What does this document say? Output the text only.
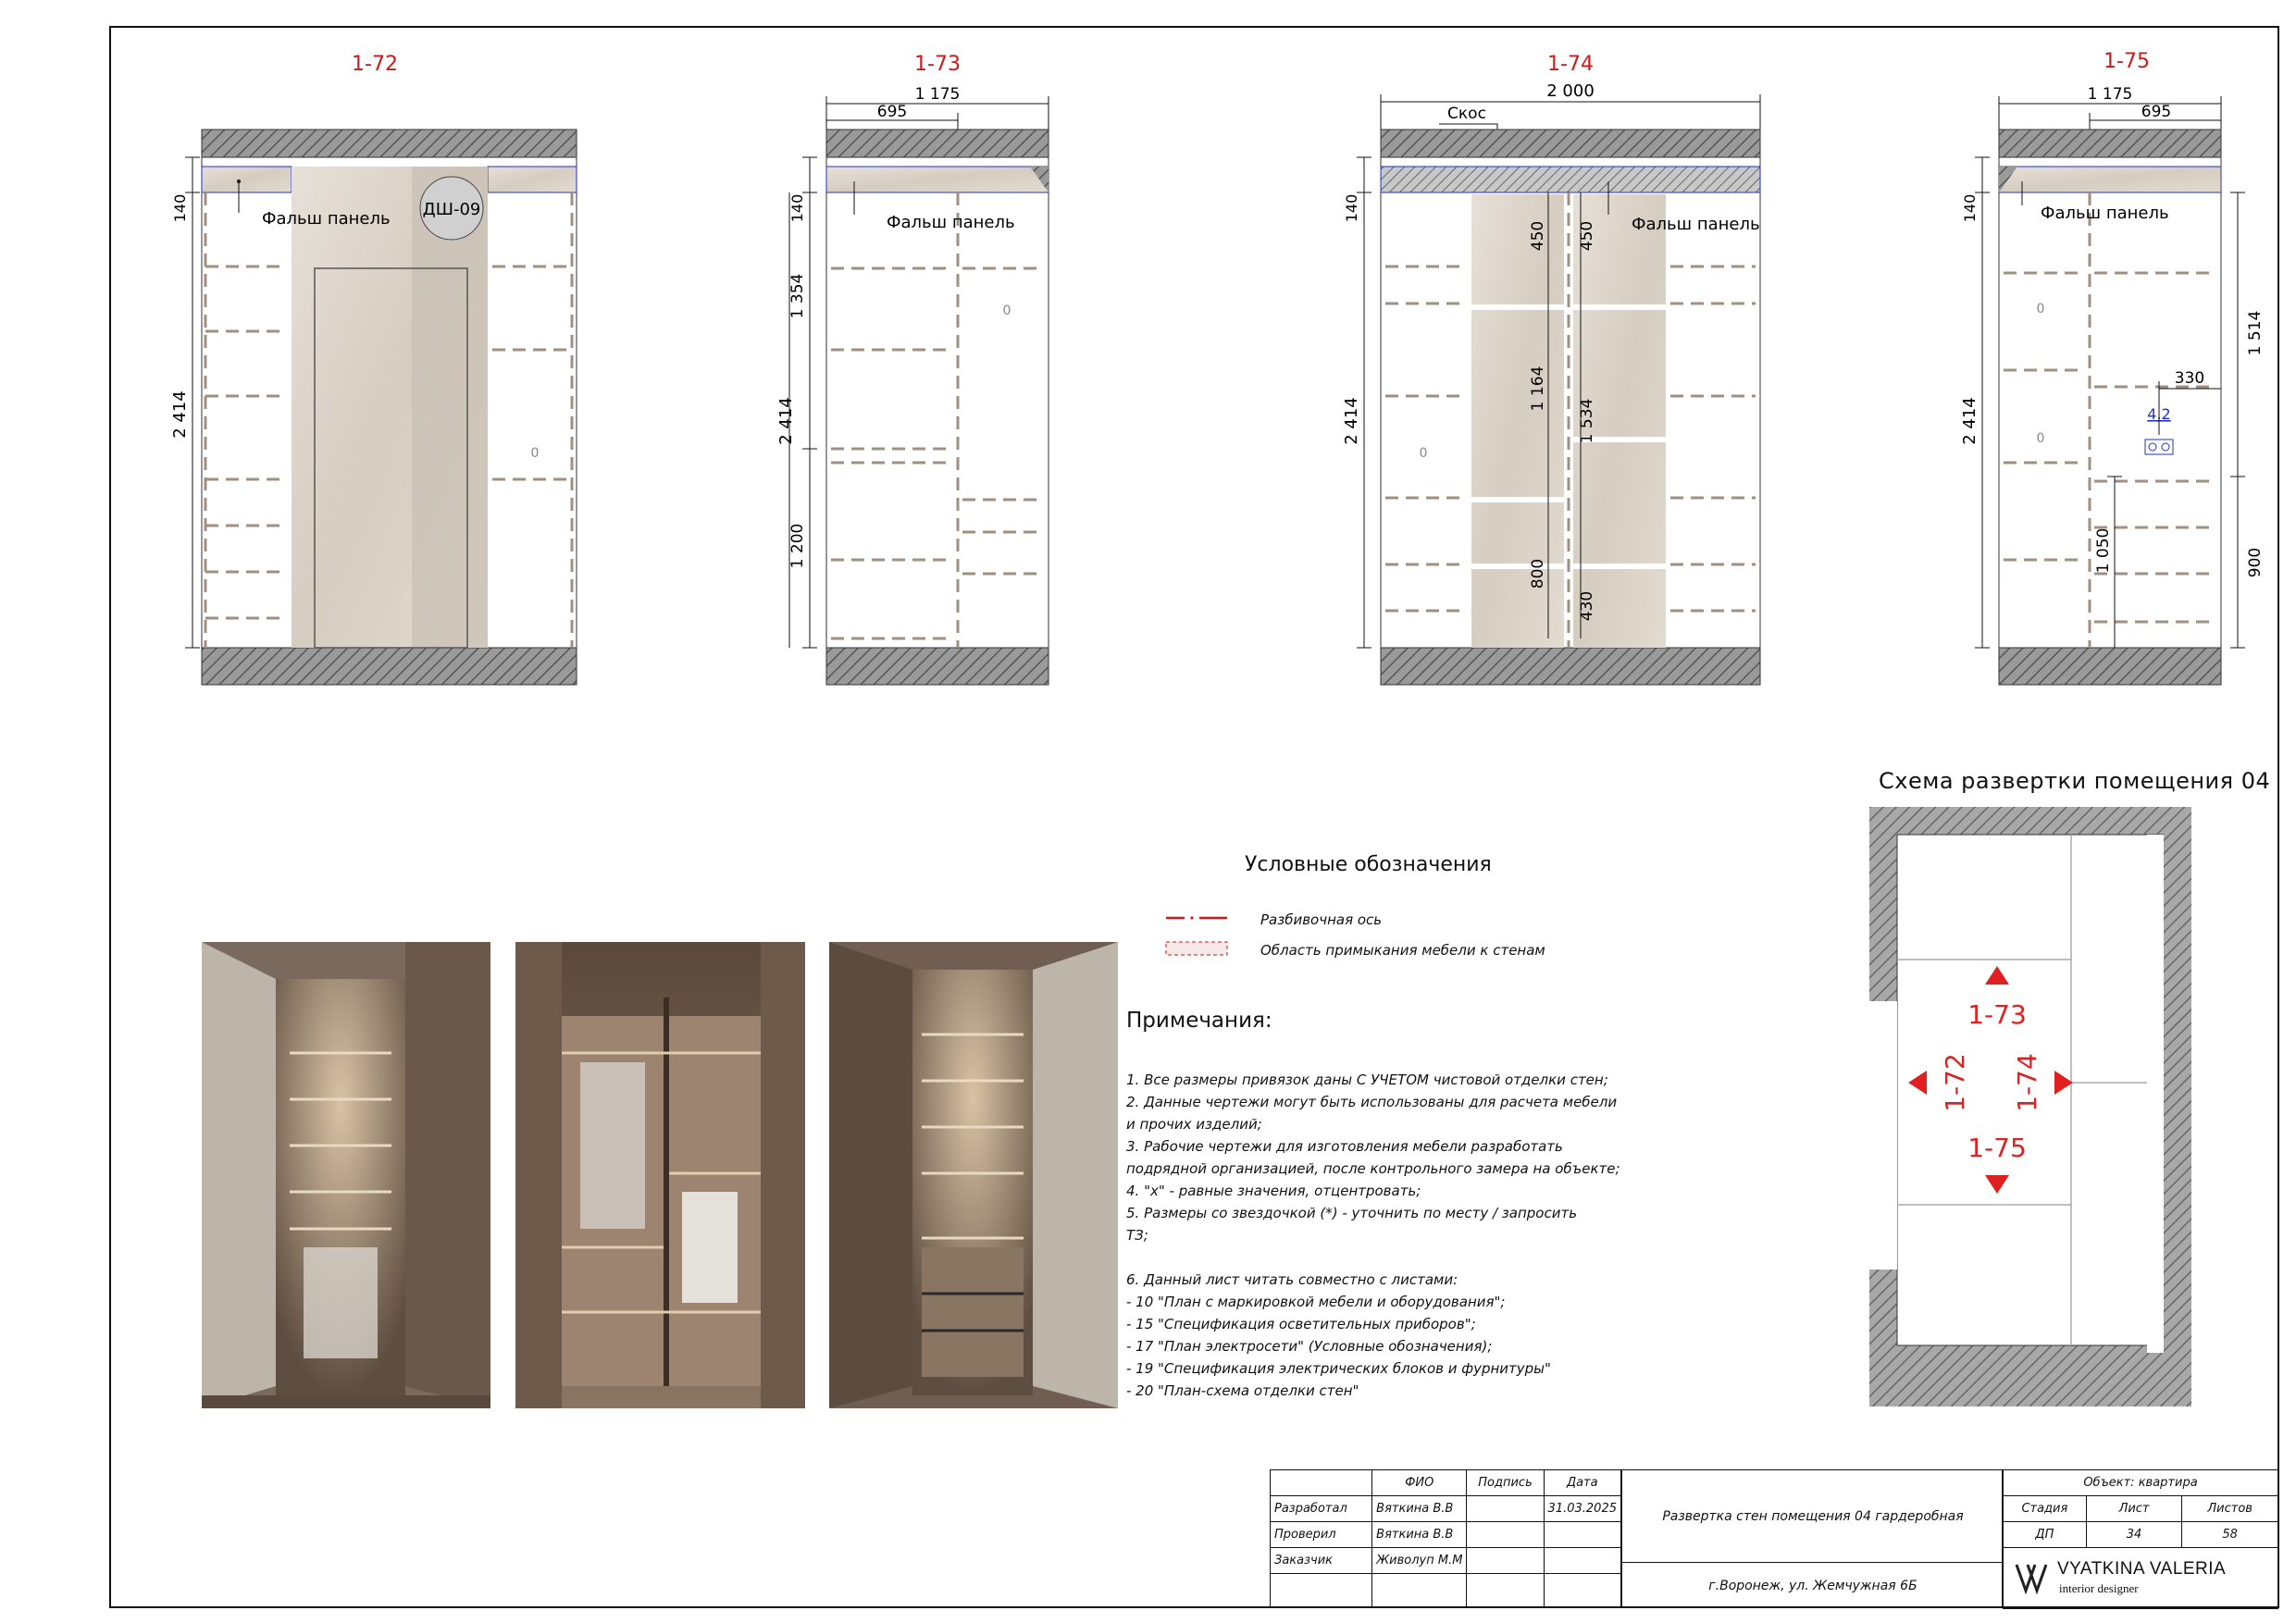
1-72
0
ДШ-09
Фальш панель
2 414
140
1-73
1 175
695
0
Фальш панель
140
1 354
1 200
2 414
1-74
2 000
Скос
0
450 450
1 164
1 534
800
430
Фальш панель
140
2 414
1-75
1 175
695
0
0
4.2
330
1 514
900
1 050
Фальш панель
140
2 414
Условные обозначения
Разбивочная ось
Область примыкания мебели к стенам
Примечания:
1. Все размеры привязок даны С УЧЕТОМ чистовой отделки стен;
2. Данные чертежи могут быть использованы для расчета мебели
и прочих изделий;
3. Рабочие чертежи для изготовления мебели разработать
подрядной организацией, после контрольного замера на объекте;
4. "х" - равные значения, отцентровать;
5. Размеры со звездочкой (*) - уточнить по месту / запросить
ТЗ;
6. Данный лист читать совместно с листами:
- 10 "План с маркировкой мебели и оборудования";
- 15 "Спецификация осветительных приборов";
- 17 "План электросети" (Условные обозначения);
- 19 "Спецификация электрических блоков и фурнитуры"
- 20 "План-схема отделки стен"
Схема развертки помещения 04
1-73
1-72 1-74
1-75
	ФИО	Подпись	Дата
Разработал	Вяткина В.В		31.03.2025
Проверил	Вяткина В.В		
Заказчик	Живолуп М.М		

Развертка стен помещения 04 гардеробная
г.Воронеж, ул. Жемчужная 6Б
Объект: квартира		
Стадия	Лист	Листов
ДП	34	58

VYATKINA VALERIA
interior designer		
